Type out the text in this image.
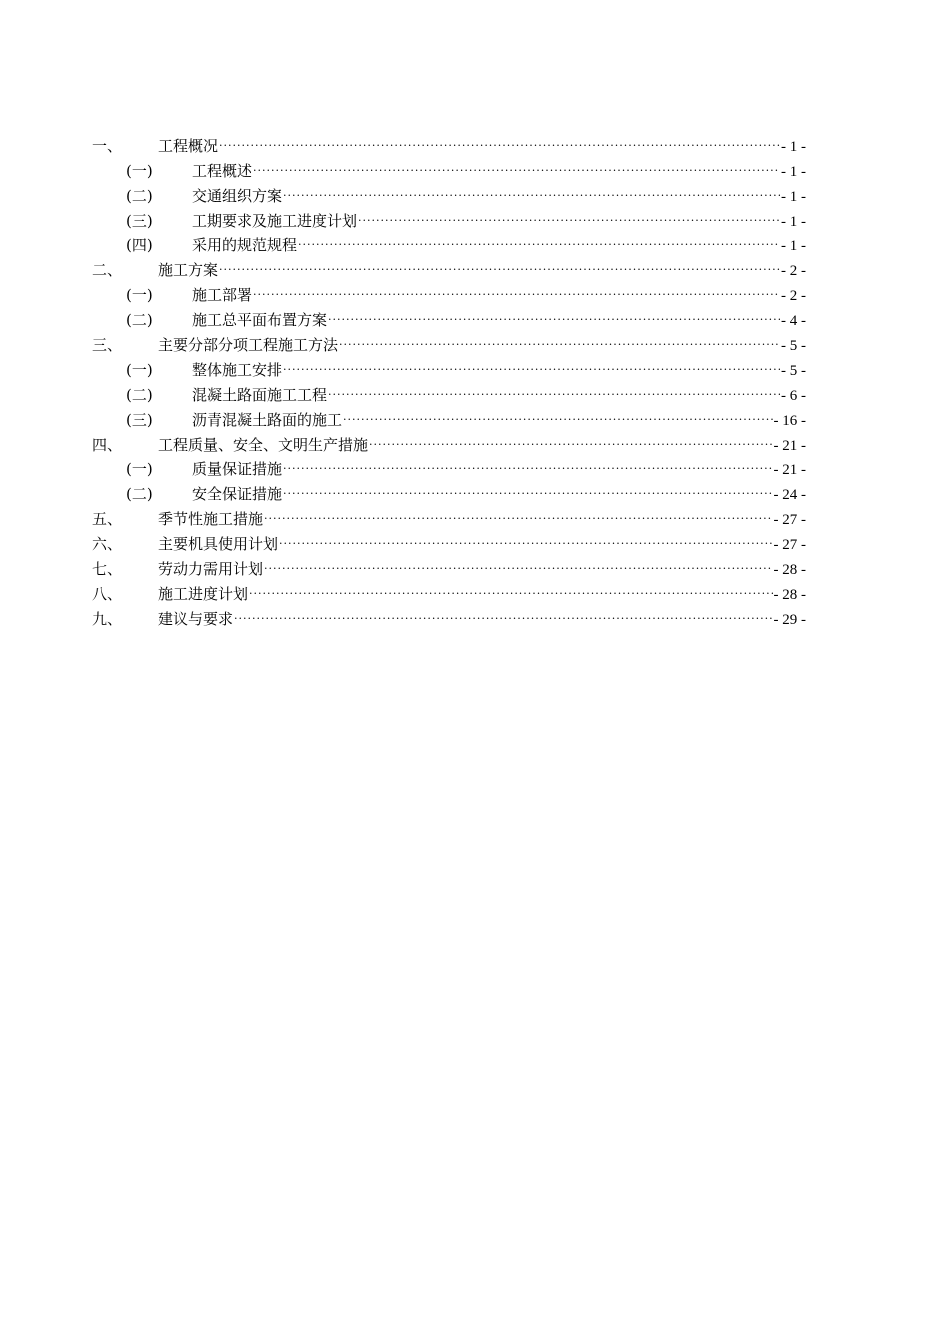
一、	工程概况 .....	- 1 -
(一)	工程概述 .....	- 1 -
(二)	交通组织方案 .....	- 1 -
(三)	工期要求及施工进度计划 .....	- 1 -
(四)	采用的规范规程 .....	- 1 -
二、	施工方案 .....	- 2 -
(一)	施工部署 .....	- 2 -
(二)	施工总平面布置方案 .....	- 4 -
三、	主要分部分项工程施工方法 .....	- 5 -
(一)	整体施工安排 .....	- 5 -
(二)	混凝土路面施工工程 .....	- 6 -
(三)	沥青混凝土路面的施工 .....	- 16 -
四、	工程质量、安全、文明生产措施 .....	- 21 -
(一)	质量保证措施 .....	- 21 -
(二)	安全保证措施 .....	- 24 -
五、	季节性施工措施 .....	- 27 -
六、	主要机具使用计划 .....	- 27 -
七、	劳动力需用计划 .....	- 28 -
八、	施工进度计划 .....	- 28 -
九、	建议与要求 .....	- 29 -
